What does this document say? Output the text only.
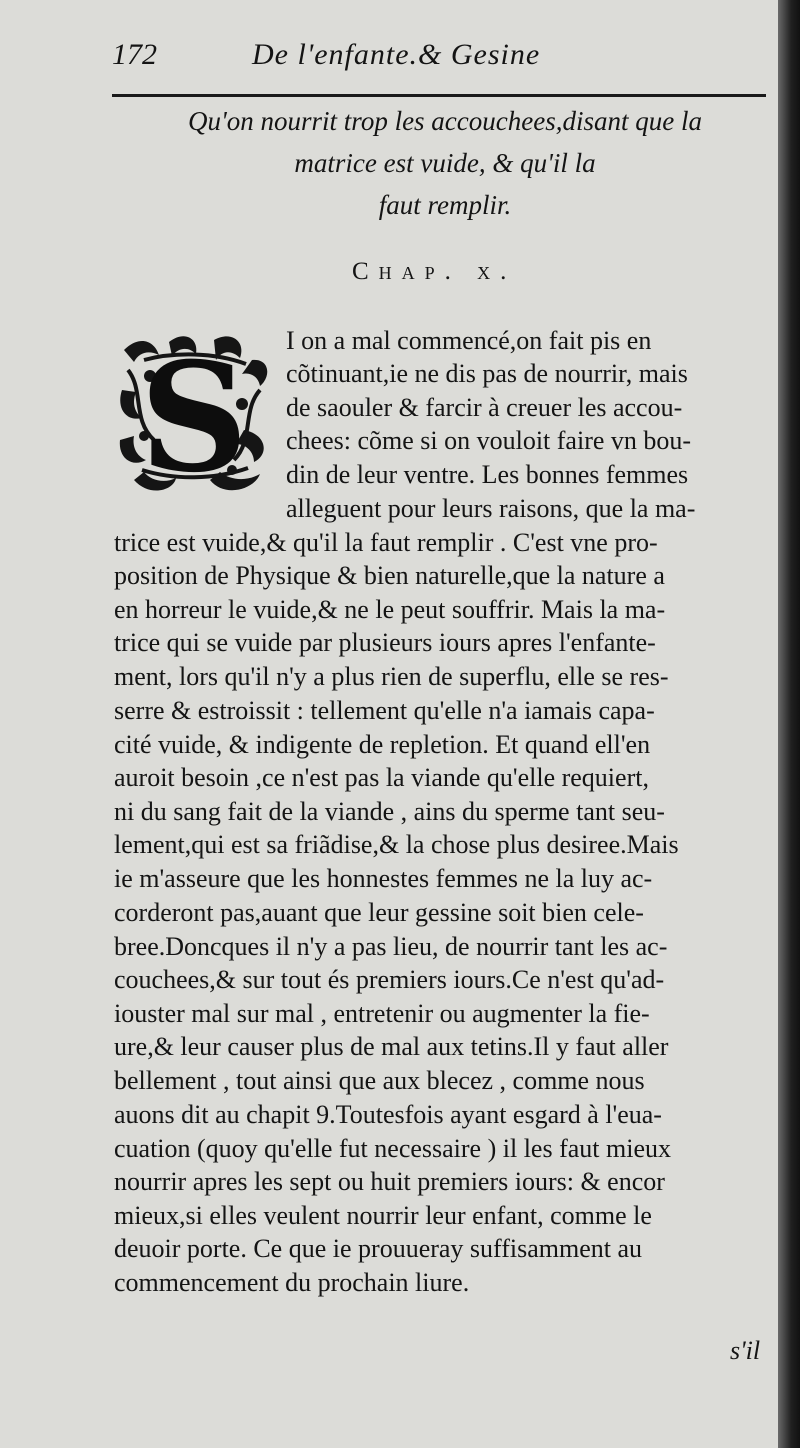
172	De l'enfante.& Gesine
Qu'on nourrit trop les accouchees,disant que la
matrice est vuide, & qu'il la
faut remplir.
Chap. x.
S I on a mal commencé,on fait pis en
cõtinuant,ie ne dis pas de nourrir, mais
de saouler & farcir à creuer les accou-
chees: cõme si on vouloit faire vn bou-
din de leur ventre. Les bonnes femmes
alleguent pour leurs raisons, que la ma-
trice est vuide,& qu'il la faut remplir . C'est vne pro-
position de Physique & bien naturelle,que la nature a
en horreur le vuide,& ne le peut souffrir. Mais la ma-
trice qui se vuide par plusieurs iours apres l'enfante-
ment, lors qu'il n'y a plus rien de superflu, elle se res-
serre & estroissit : tellement qu'elle n'a iamais capa-
cité vuide, & indigente de repletion. Et quand ell'en
auroit besoin ,ce n'est pas la viande qu'elle requiert,
ni du sang fait de la viande , ains du sperme tant seu-
lement,qui est sa friãdise,& la chose plus desiree.Mais
ie m'asseure que les honnestes femmes ne la luy ac-
corderont pas,auant que leur gessine soit bien cele-
bree.Doncques il n'y a pas lieu, de nourrir tant les ac-
couchees,& sur tout és premiers iours.Ce n'est qu'ad-
iouster mal sur mal , entretenir ou augmenter la fie-
ure,& leur causer plus de mal aux tetins.Il y faut aller
bellement , tout ainsi que aux blecez , comme nous
auons dit au chapit 9.Toutesfois ayant esgard à l'eua-
cuation (quoy qu'elle fut necessaire ) il les faut mieux
nourrir apres les sept ou huit premiers iours: & encor
mieux,si elles veulent nourrir leur enfant, comme le
deuoir porte. Ce que ie prouueray suffisamment au
commencement du prochain liure.
s'il
